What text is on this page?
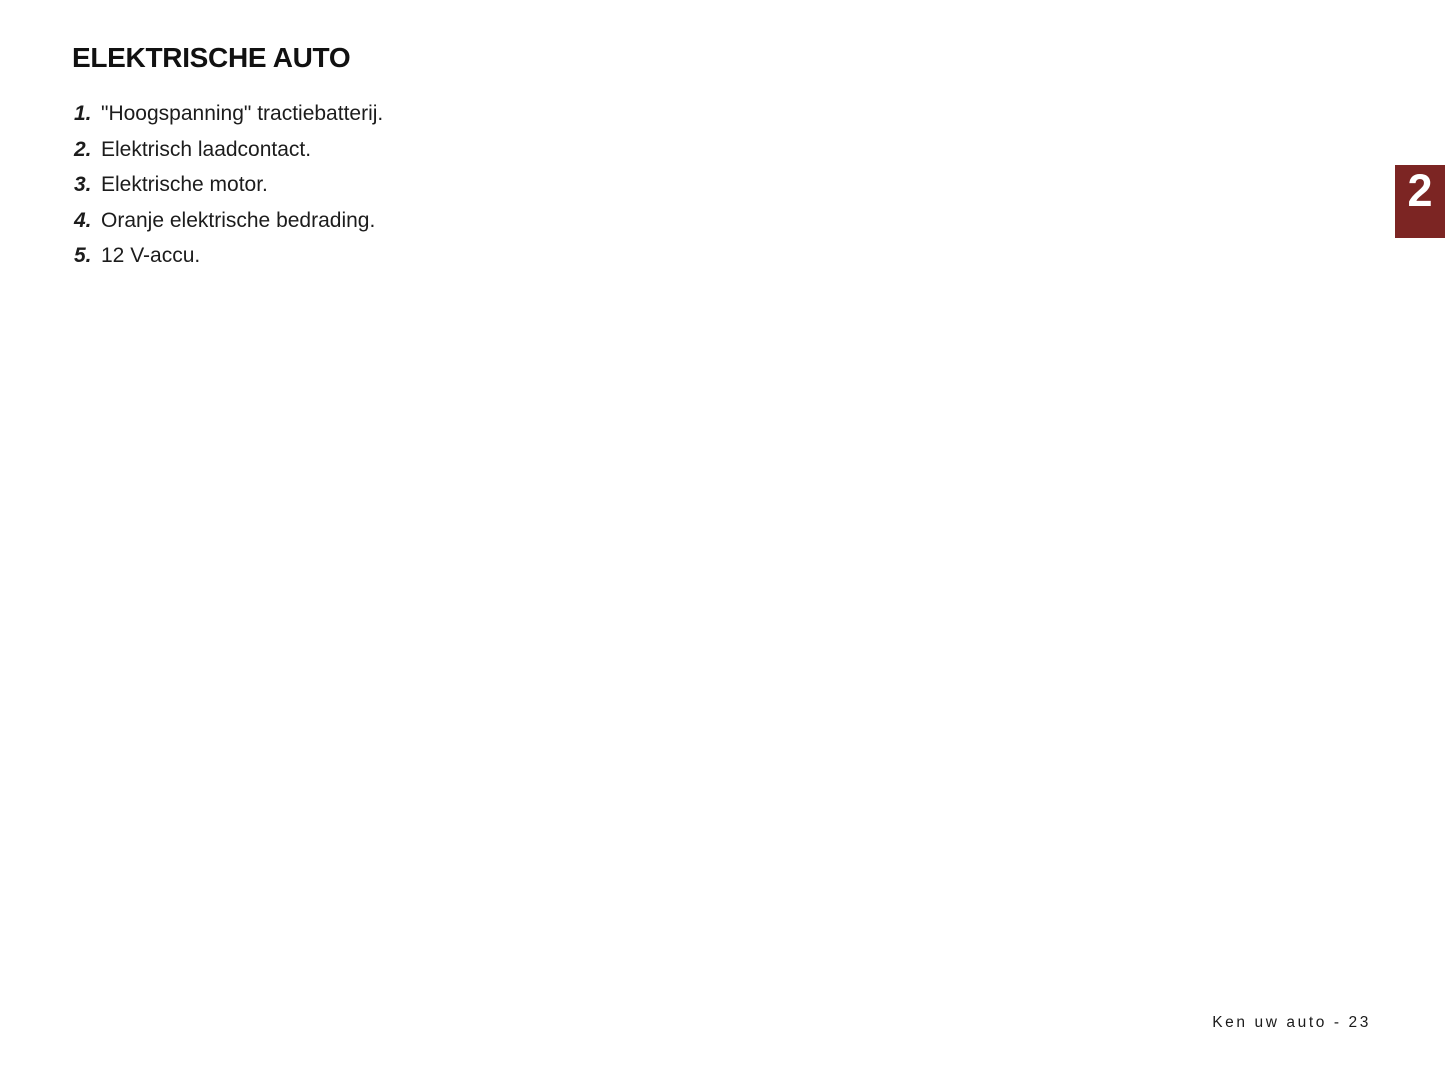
ELEKTRISCHE AUTO
1. "Hoogspanning" tractiebatterij.
2. Elektrisch laadcontact.
3. Elektrische motor.
4. Oranje elektrische bedrading.
5. 12 V-accu.
2
Ken uw auto - 23
